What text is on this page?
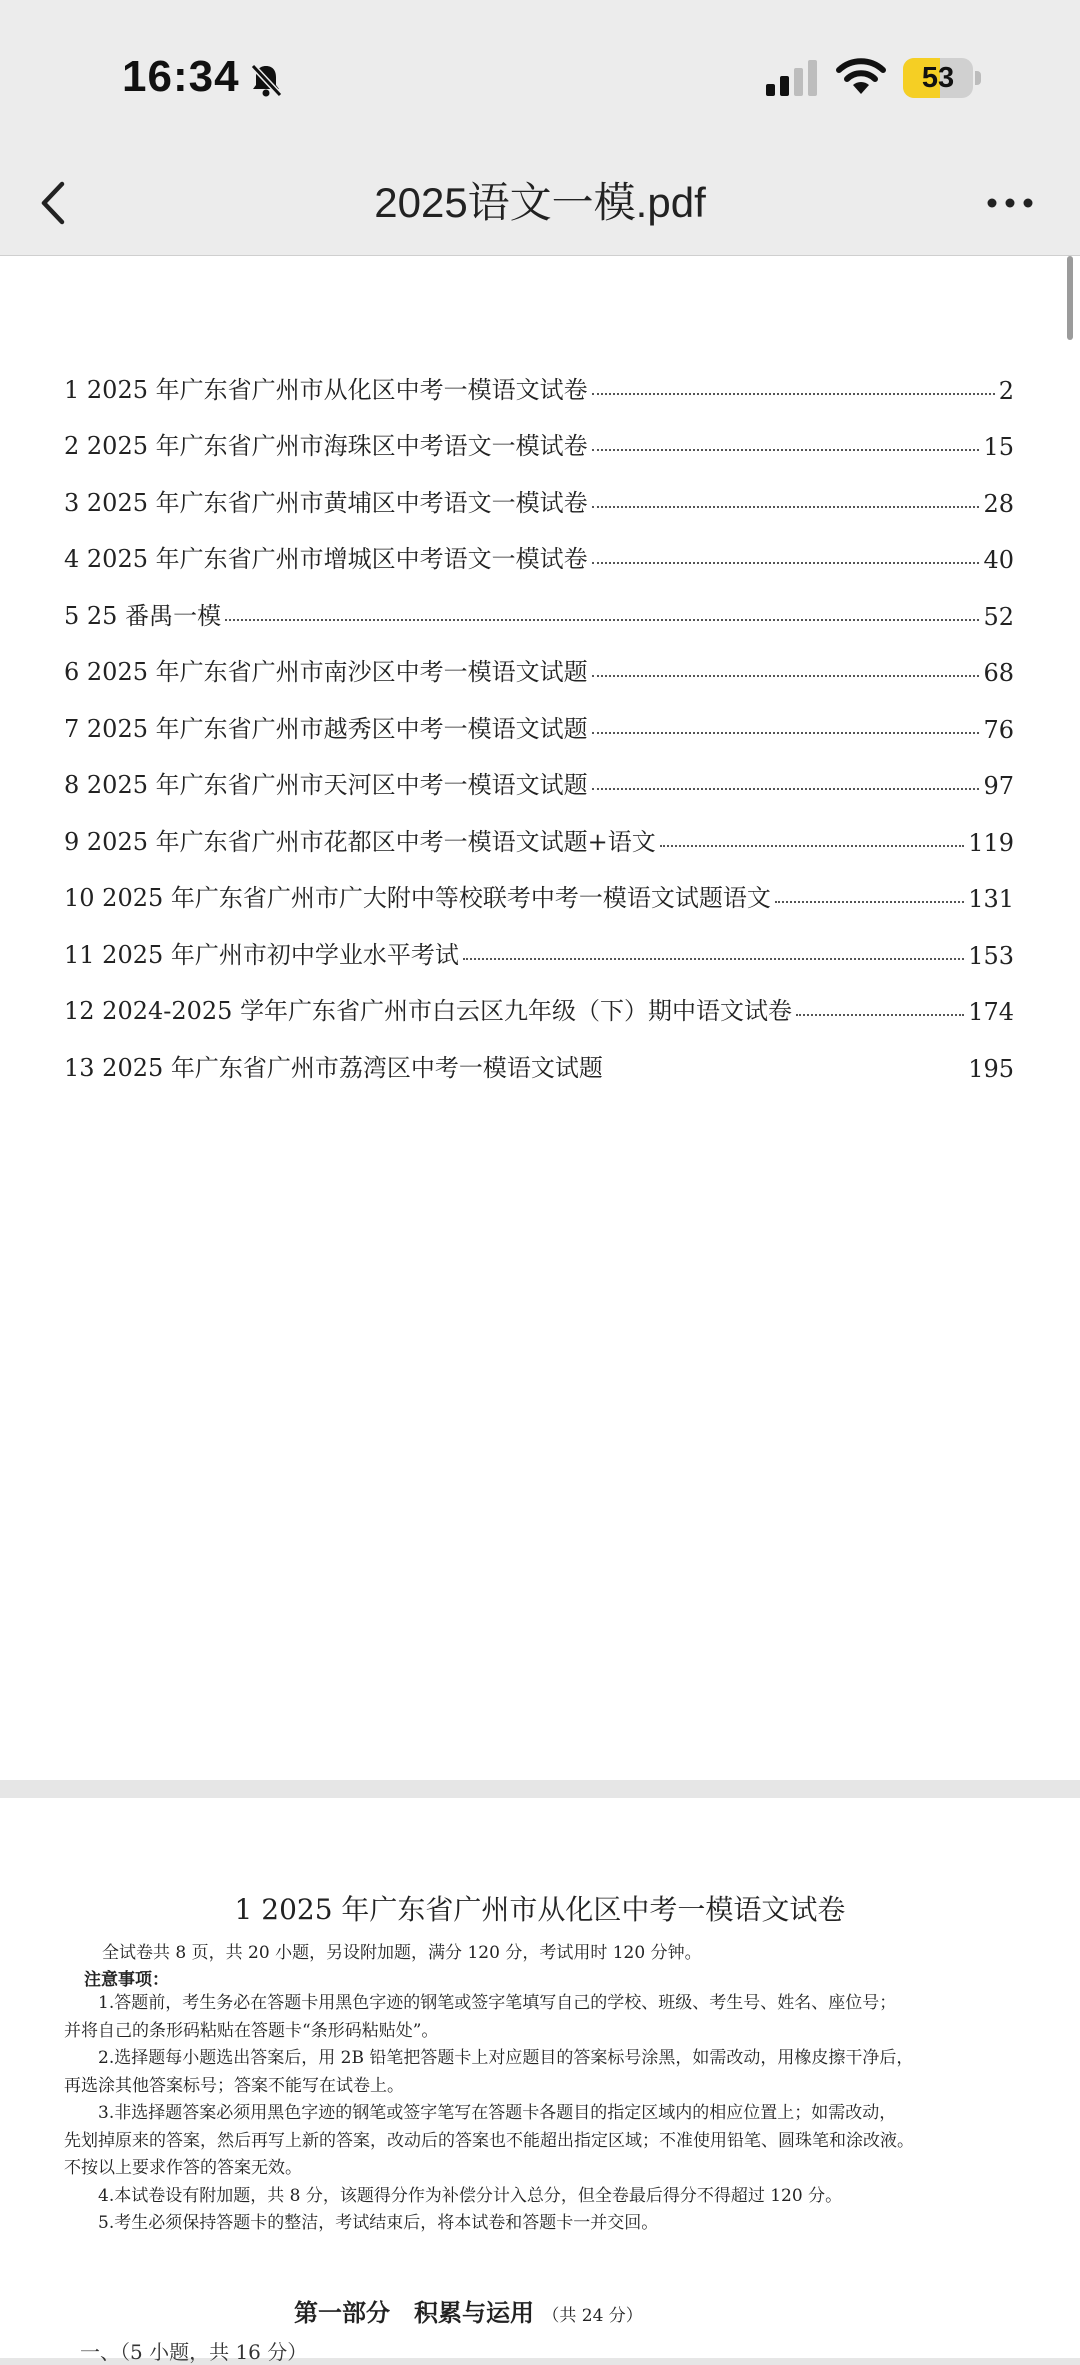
16:34	53
2025语文一模.pdf
1 2025 年广东省广州市从化区中考一模语文试卷	2
2 2025 年广东省广州市海珠区中考语文一模试卷	15
3 2025 年广东省广州市黄埔区中考语文一模试卷	28
4 2025 年广东省广州市增城区中考语文一模试卷	40
5 25 番禺一模	52
6 2025 年广东省广州市南沙区中考一模语文试题	68
7 2025 年广东省广州市越秀区中考一模语文试题	76
8 2025 年广东省广州市天河区中考一模语文试题	97
9 2025 年广东省广州市花都区中考一模语文试题+语文	119
10 2025 年广东省广州市广大附中等校联考中考一模语文试题语文	131
11 2025 年广州市初中学业水平考试	153
12 2024-2025 学年广东省广州市白云区九年级（下）期中语文试卷	174
13 2025 年广东省广州市荔湾区中考一模语文试题	195
1 2025 年广东省广州市从化区中考一模语文试卷
全试卷共 8 页，共 20 小题，另设附加题，满分 120 分，考试用时 120 分钟。
注意事项：
　　1.答题前，考生务必在答题卡用黑色字迹的钢笔或签字笔填写自己的学校、班级、考生号、姓名、座位号；
并将自己的条形码粘贴在答题卡“条形码粘贴处”。
　　2.选择题每小题选出答案后，用 2B 铅笔把答题卡上对应题目的答案标号涂黑，如需改动，用橡皮擦干净后，
再选涂其他答案标号；答案不能写在试卷上。
　　3.非选择题答案必须用黑色字迹的钢笔或签字笔写在答题卡各题目的指定区域内的相应位置上；如需改动，
先划掉原来的答案，然后再写上新的答案，改动后的答案也不能超出指定区域；不准使用铅笔、圆珠笔和涂改液。
不按以上要求作答的答案无效。
　　4.本试卷设有附加题，共 8 分，该题得分作为补偿分计入总分，但全卷最后得分不得超过 120 分。
　　5.考生必须保持答题卡的整洁，考试结束后，将本试卷和答题卡一并交回。
第一部分　积累与运用 （共 24 分）
一、（5 小题，共 16 分）
